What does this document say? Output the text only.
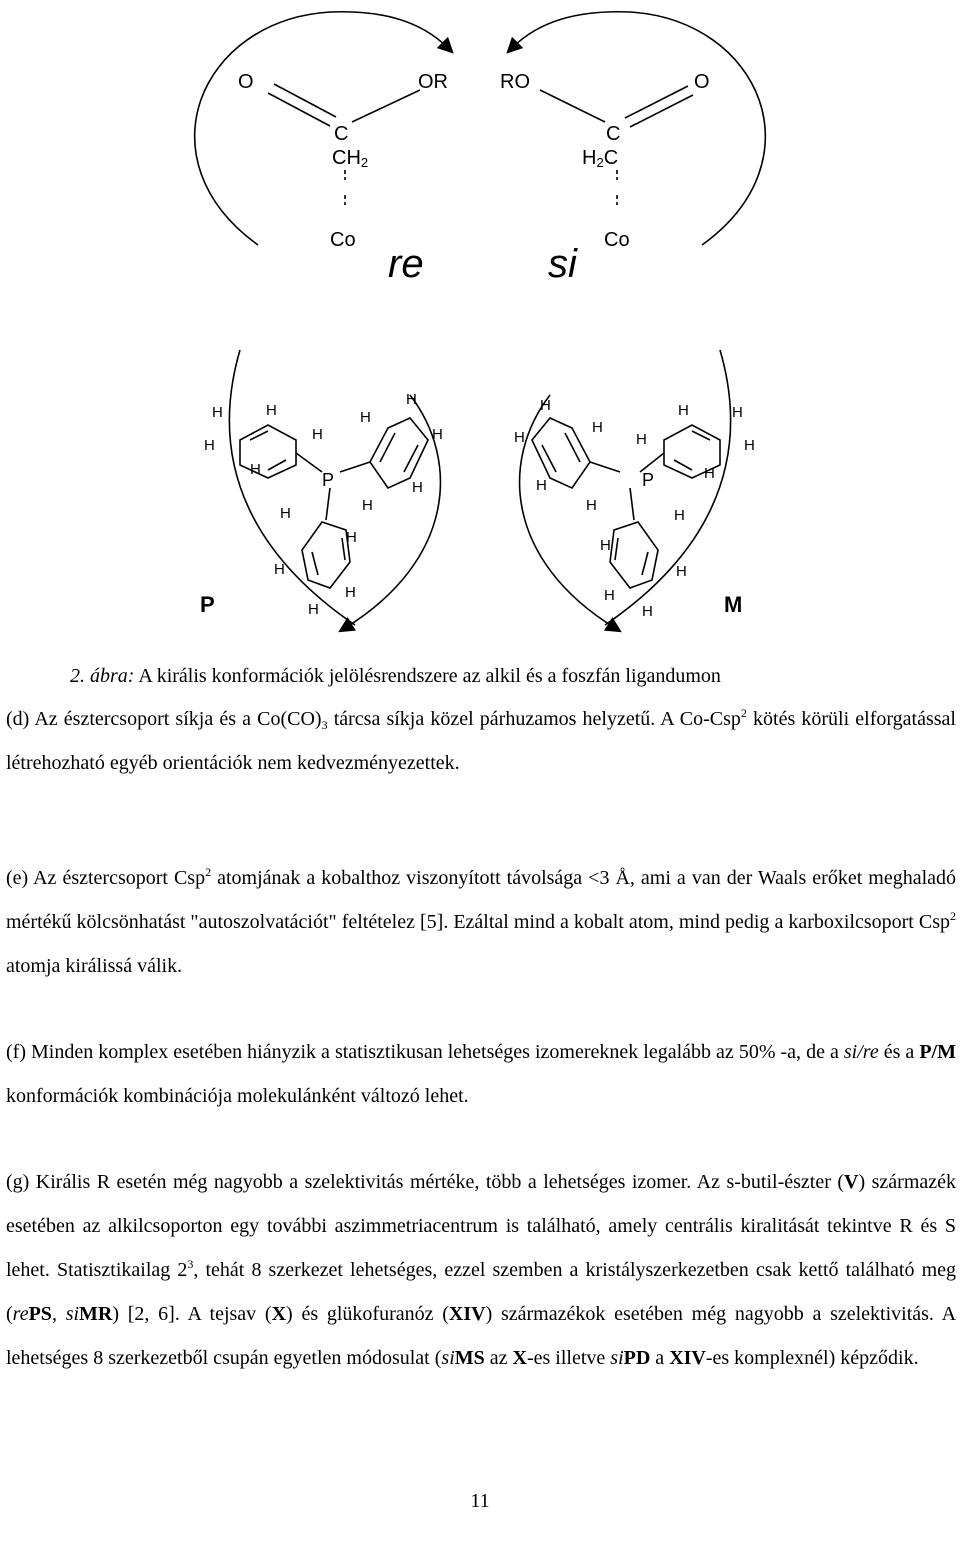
O	OR
C
$CH_2$
Co
re
RO	O
C
$H_2C$
Co
si
P	M
P	P
H	H
H
H
H
H
H
H
H
H
H
H
H
H
H
H
H
H
H
H	H
H
H
H
H
H
H
H
H
H
2. ábra: A királis konformációk jelölésrendszere az alkil és a foszfán ligandumon

(d) Az észtercsoport síkja és a $Co(CO)_3$ tárcsa síkja közel párhuzamos helyzetű. A Co-Csp$^2$ kötés körüli elforgatással létrehozható egyéb orientációk nem kedvezményezettek.

(e) Az észtercsoport Csp$^2$ atomjának a kobalthoz viszonyított távolsága <3 Å, ami a van der Waals erőket meghaladó mértékű kölcsönhatást "autoszolvatációt" feltételez [5]. Ezáltal mind a kobalt atom, mind pedig a karboxilcsoport Csp$^2$ atomja királissá válik.

(f) Minden komplex esetében hiányzik a statisztikusan lehetséges izomereknek legalább az 50% -a, de a si/re és a P/M konformációk kombinációja molekulánként változó lehet.

(g) Királis R esetén még nagyobb a szelektivitás mértéke, több a lehetséges izomer. Az s-butil-észter (V) származék esetében az alkilcsoporton egy további aszimmetriacentrum is található, amely centrális kiralitását tekintve R és S lehet. Statisztikailag $2^3$, tehát 8 szerkezet lehetséges, ezzel szemben a kristályszerkezetben csak kettő található meg (rePS, siMR) [2, 6]. A tejsav (X) és glükofuranóz (XIV) származékok esetében még nagyobb a szelektivitás. A lehetséges 8 szerkezetből csupán egyetlen módosulat (siMS az X-es illetve siPD a XIV-es komplexnél) képződik.

11
